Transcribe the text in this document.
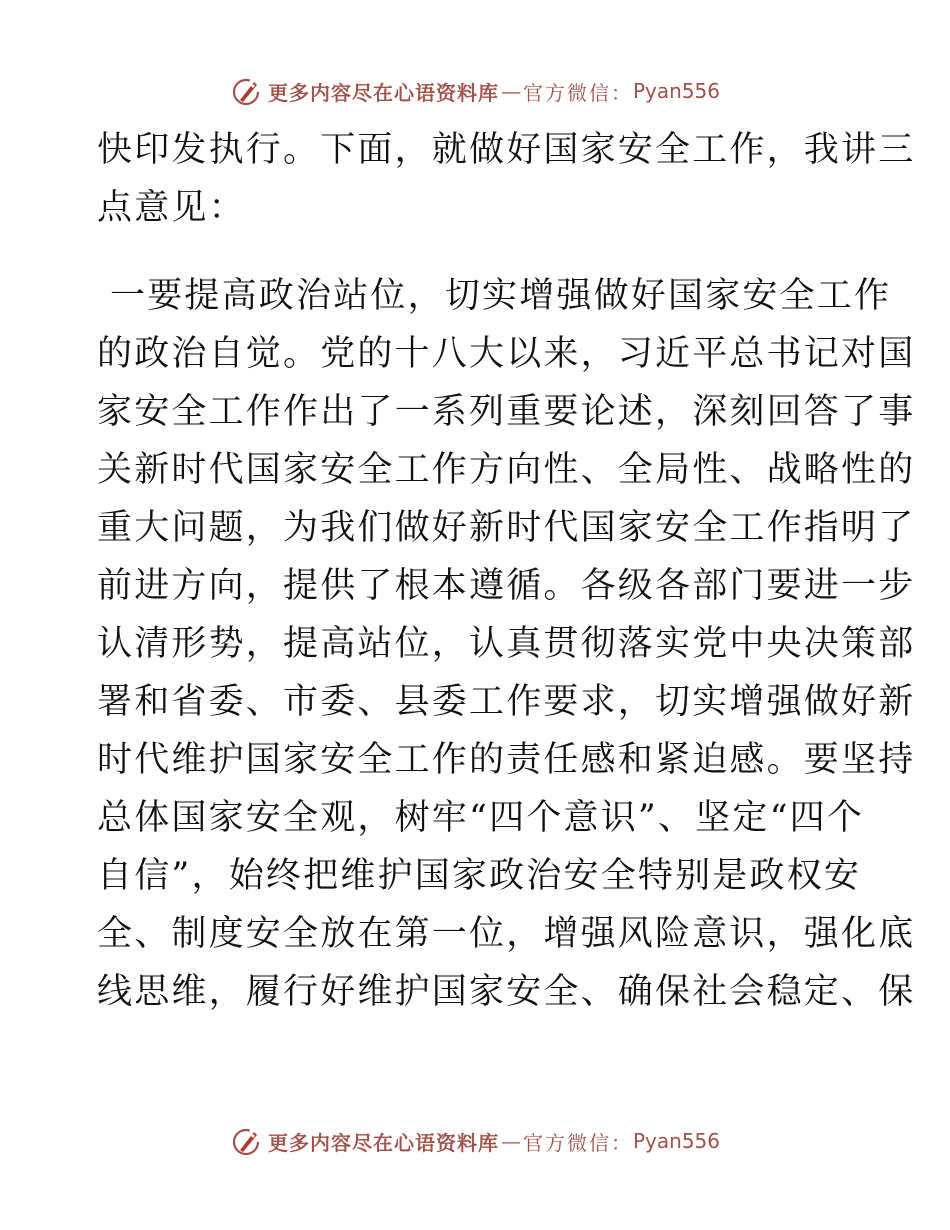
更多内容尽在心语资料库 — 官方微信： Pyan556
快印发执行。下面，就做好国家安全工作，我讲三
点意见：
一要提高政治站位，切实增强做好国家安全工作
的政治自觉。党的十八大以来，习近平总书记对国
家安全工作作出了一系列重要论述，深刻回答了事
关新时代国家安全工作方向性、全局性、战略性的
重大问题，为我们做好新时代国家安全工作指明了
前进方向，提供了根本遵循。各级各部门要进一步
认清形势，提高站位，认真贯彻落实党中央决策部
署和省委、市委、县委工作要求，切实增强做好新
时代维护国家安全工作的责任感和紧迫感。要坚持
总体国家安全观，树牢“四个意识”、坚定“四个
自信”，始终把维护国家政治安全特别是政权安
全、制度安全放在第一位，增强风险意识，强化底
线思维，履行好维护国家安全、确保社会稳定、保
更多内容尽在心语资料库 — 官方微信： Pyan556
